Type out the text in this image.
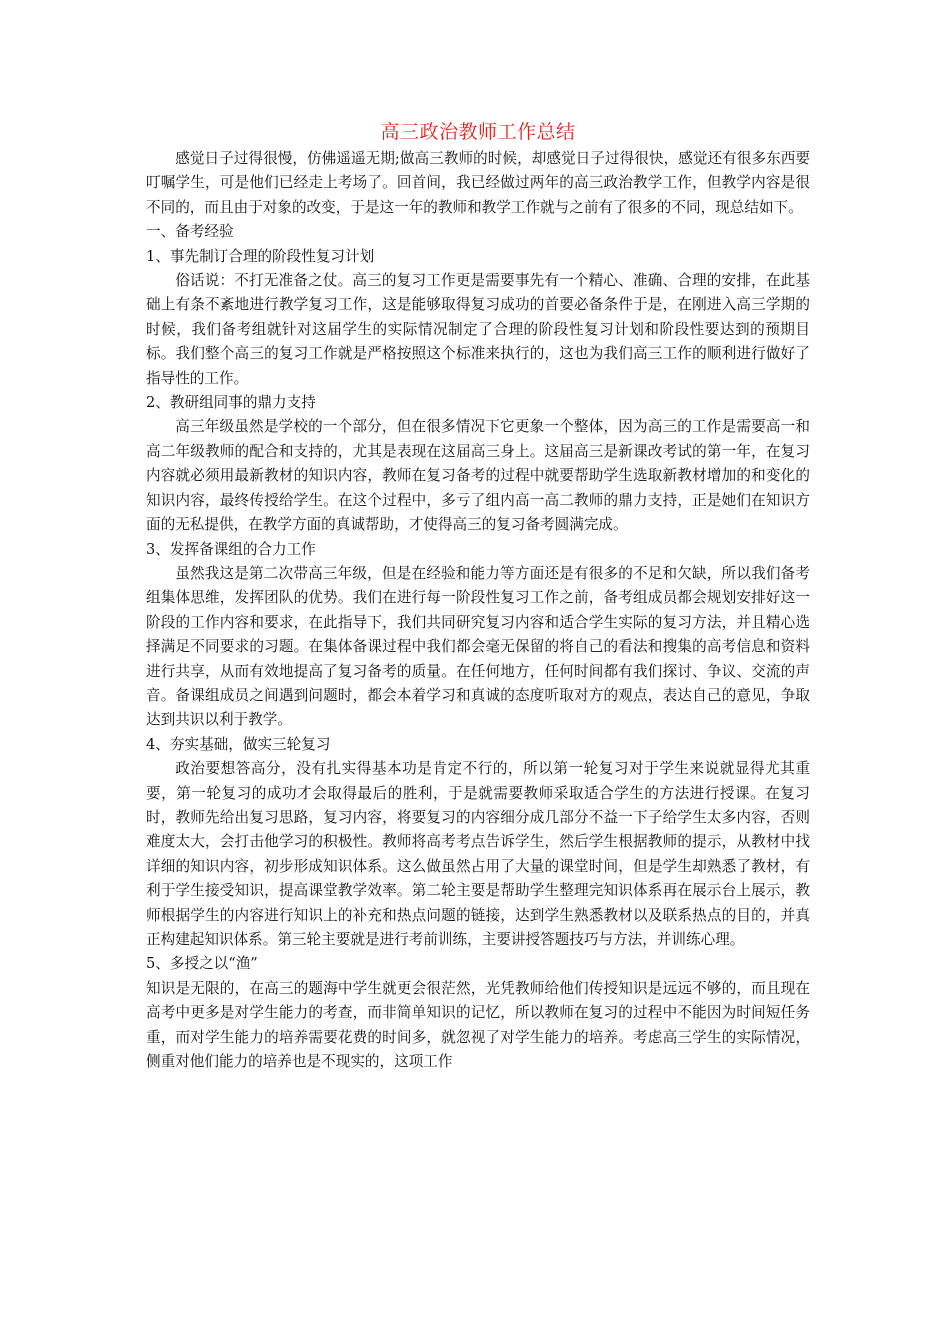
高三政治教师工作总结

感觉日子过得很慢，仿佛遥遥无期;做高三教师的时候，却感觉日子过得很快，感觉还有很多东西要叮嘱学生，可是他们已经走上考场了。回首间，我已经做过两年的高三政治教学工作，但教学内容是很不同的，而且由于对象的改变，于是这一年的教师和教学工作就与之前有了很多的不同，现总结如下。

一、备考经验

1、事先制订合理的阶段性复习计划

俗话说：不打无准备之仗。高三的复习工作更是需要事先有一个精心、准确、合理的安排，在此基础上有条不紊地进行教学复习工作，这是能够取得复习成功的首要必备条件于是，在刚进入高三学期的时候，我们备考组就针对这届学生的实际情况制定了合理的阶段性复习计划和阶段性要达到的预期目标。我们整个高三的复习工作就是严格按照这个标准来执行的，这也为我们高三工作的顺利进行做好了指导性的工作。

2、教研组同事的鼎力支持

高三年级虽然是学校的一个部分，但在很多情况下它更象一个整体，因为高三的工作是需要高一和高二年级教师的配合和支持的，尤其是表现在这届高三身上。这届高三是新课改考试的第一年，在复习内容就必须用最新教材的知识内容，教师在复习备考的过程中就要帮助学生选取新教材增加的和变化的知识内容，最终传授给学生。在这个过程中，多亏了组内高一高二教师的鼎力支持，正是她们在知识方面的无私提供，在教学方面的真诚帮助，才使得高三的复习备考圆满完成。

3、发挥备课组的合力工作

虽然我这是第二次带高三年级，但是在经验和能力等方面还是有很多的不足和欠缺，所以我们备考组集体思维，发挥团队的优势。我们在进行每一阶段性复习工作之前，备考组成员都会规划安排好这一阶段的工作内容和要求，在此指导下，我们共同研究复习内容和适合学生实际的复习方法，并且精心选择满足不同要求的习题。在集体备课过程中我们都会毫无保留的将自己的看法和搜集的高考信息和资料进行共享，从而有效地提高了复习备考的质量。在任何地方，任何时间都有我们探讨、争议、交流的声音。备课组成员之间遇到问题时，都会本着学习和真诚的态度听取对方的观点，表达自己的意见，争取达到共识以利于教学。

4、夯实基础，做实三轮复习

政治要想答高分，没有扎实得基本功是肯定不行的，所以第一轮复习对于学生来说就显得尤其重要，第一轮复习的成功才会取得最后的胜利，于是就需要教师采取适合学生的方法进行授课。在复习时，教师先给出复习思路，复习内容，将要复习的内容细分成几部分不益一下子给学生太多内容，否则难度太大，会打击他学习的积极性。教师将高考考点告诉学生，然后学生根据教师的提示，从教材中找详细的知识内容，初步形成知识体系。这么做虽然占用了大量的课堂时间，但是学生却熟悉了教材，有利于学生接受知识，提高课堂教学效率。第二轮主要是帮助学生整理完知识体系再在展示台上展示，教师根据学生的内容进行知识上的补充和热点问题的链接，达到学生熟悉教材以及联系热点的目的，并真正构建起知识体系。第三轮主要就是进行考前训练，主要讲授答题技巧与方法，并训练心理。

5、多授之以“渔”

知识是无限的，在高三的题海中学生就更会很茫然，光凭教师给他们传授知识是远远不够的，而且现在高考中更多是对学生能力的考查，而非简单知识的记忆，所以教师在复习的过程中不能因为时间短任务重，而对学生能力的培养需要花费的时间多，就忽视了对学生能力的培养。考虑高三学生的实际情况，侧重对他们能力的培养也是不现实的，这项工作
